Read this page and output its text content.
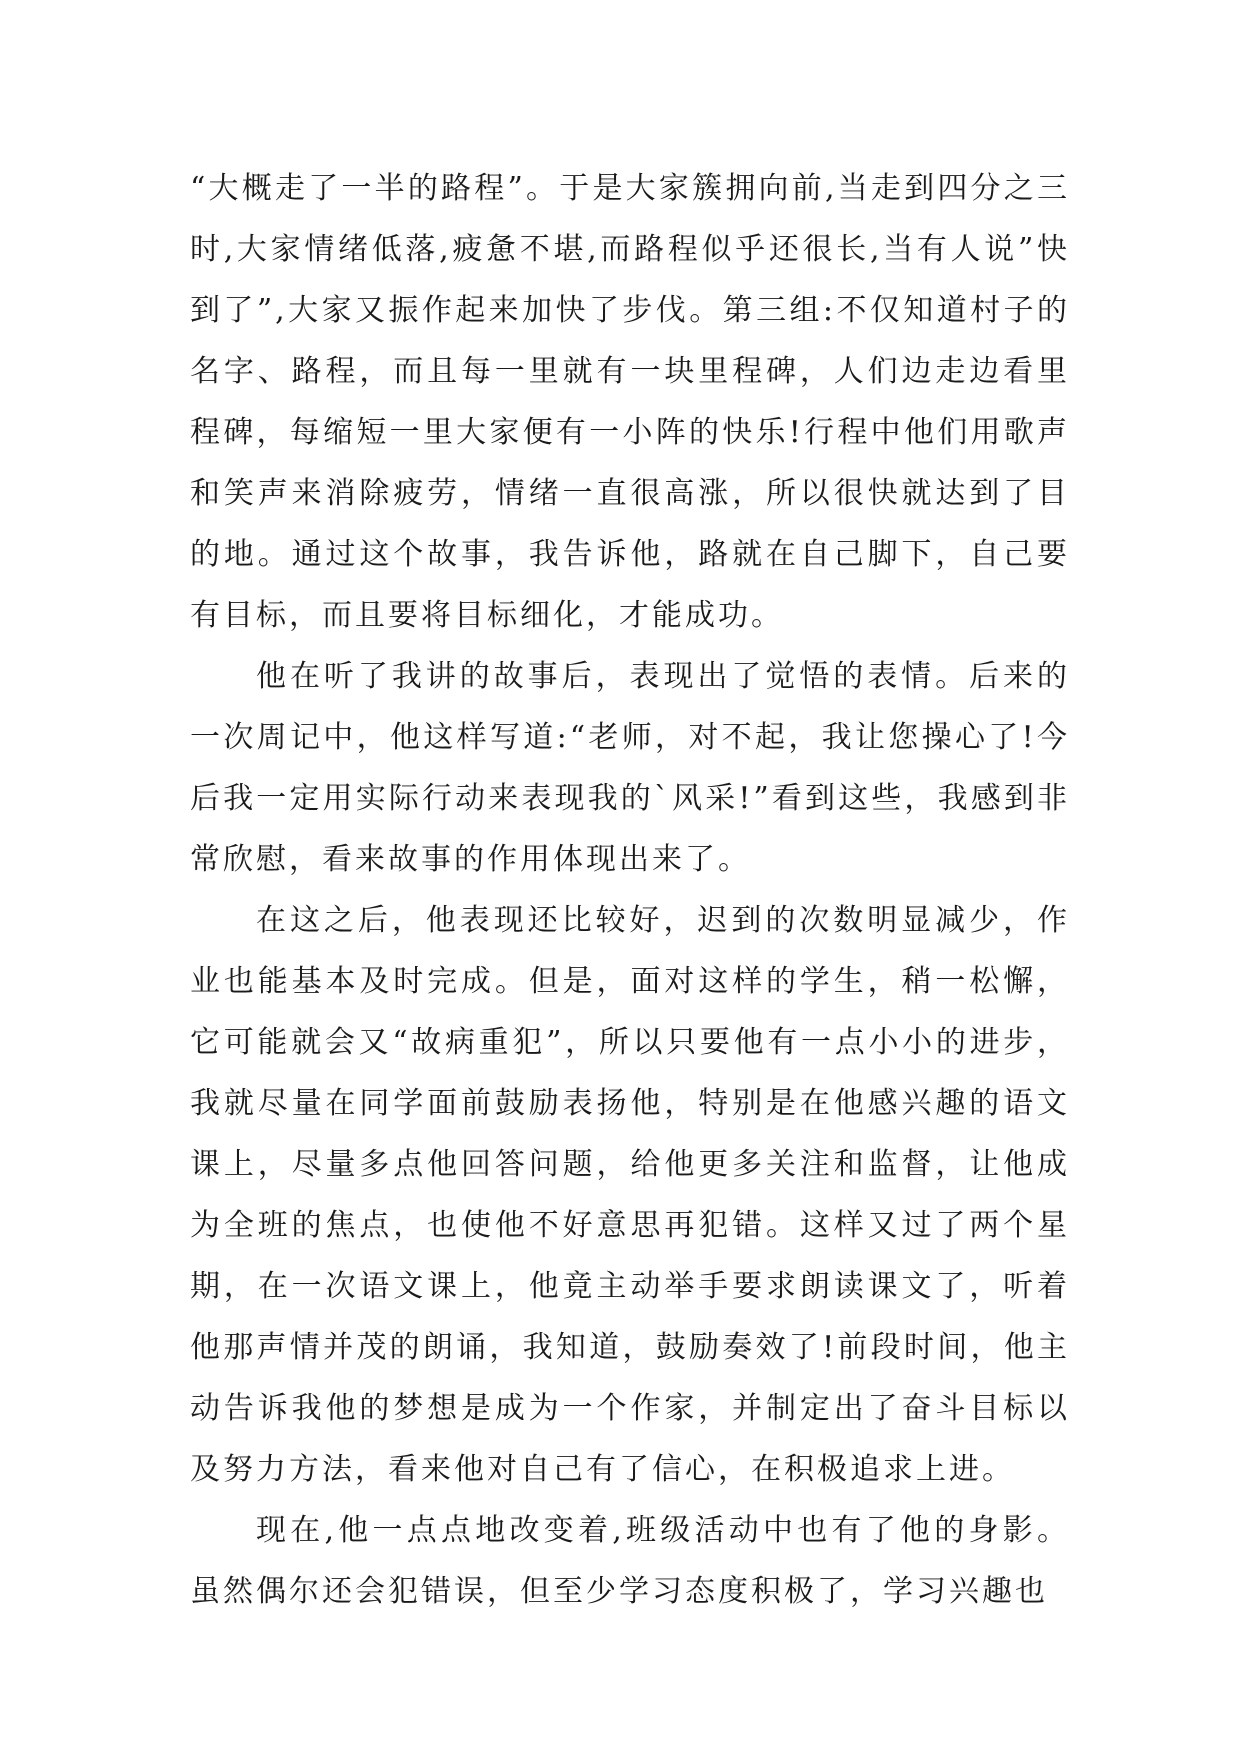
“大概走了一半的路程”。于是大家簇拥向前,当走到四分之三时,大家情绪低落,疲惫不堪,而路程似乎还很长,当有人说”快到了”,大家又振作起来加快了步伐。第三组:不仅知道村子的名字、路程，而且每一里就有一块里程碑，人们边走边看里程碑，每缩短一里大家便有一小阵的快乐!行程中他们用歌声和笑声来消除疲劳，情绪一直很高涨，所以很快就达到了目的地。通过这个故事，我告诉他，路就在自己脚下，自己要有目标，而且要将目标细化，才能成功。

他在听了我讲的故事后，表现出了觉悟的表情。后来的一次周记中，他这样写道:“老师，对不起，我让您操心了!今后我一定用实际行动来表现我的`风采!”看到这些，我感到非常欣慰，看来故事的作用体现出来了。

在这之后，他表现还比较好，迟到的次数明显减少，作业也能基本及时完成。但是，面对这样的学生，稍一松懈，它可能就会又“故病重犯”，所以只要他有一点小小的进步，我就尽量在同学面前鼓励表扬他，特别是在他感兴趣的语文课上，尽量多点他回答问题，给他更多关注和监督，让他成为全班的焦点，也使他不好意思再犯错。这样又过了两个星期，在一次语文课上，他竟主动举手要求朗读课文了，听着他那声情并茂的朗诵，我知道，鼓励奏效了!前段时间，他主动告诉我他的梦想是成为一个作家，并制定出了奋斗目标以及努力方法，看来他对自己有了信心，在积极追求上进。

现在,他一点点地改变着,班级活动中也有了他的身影。虽然偶尔还会犯错误，但至少学习态度积极了，学习兴趣也
